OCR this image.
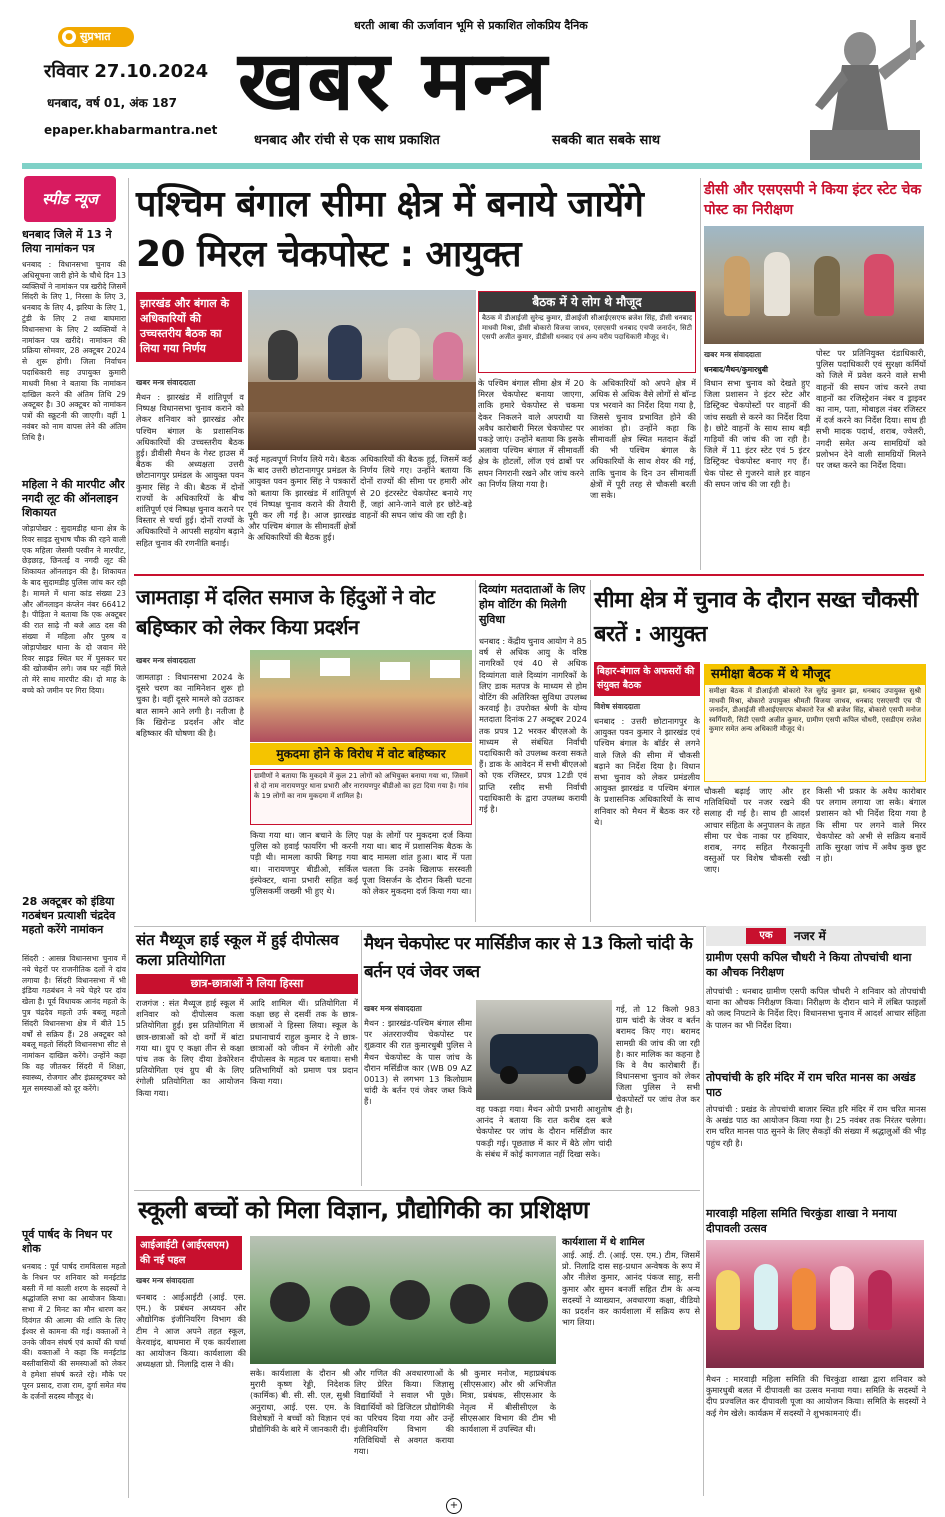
● सुप्रभात
धरती आबा की ऊर्जावान भूमि से प्रकाशित लोकप्रिय दैनिक
रविवार 27.10.2024
धनबाद, वर्ष 01, अंक 187
epaper.khabarmantra.net
खबर मन्त्र
धनबाद और रांची से एक साथ प्रकाशित	सबकी बात सबके साथ
स्पीड न्यूज
धनबाद जिले में 13 ने लिया नामांकन पत्र
धनबाद : विधानसभा चुनाव की अधिसूचना जारी होने के चौथे दिन 13 व्यक्तियों ने नामांकन पत्र खरीदे जिसमें सिंदरी के लिए 1, निरसा के लिए 3, धनबाद के लिए 4, झरिया के लिए 1, टुंडी के लिए 2 तथा बाघमारा विधानसभा के लिए 2 व्यक्तियों ने नामांकन पत्र खरीदे। नामांकन की प्रक्रिया सोमवार, 28 अक्टूबर 2024 से शुरू होगी। जिला निर्वाचन पदाधिकारी सह उपायुक्त कुमारी माधवी मिश्रा ने बताया कि नामांकन दाखिल करने की अंतिम तिथि 29 अक्टूबर है। 30 अक्टूबर को नामांकन पत्रों की स्क्रूटनी की जाएगी। वहीं 1 नवंबर को नाम वापस लेने की अंतिम तिथि है।
महिला ने की मारपीट और नगदी लूट की ऑनलाइन शिकायत
जोड़ापोखर : सुदामडीह थाना क्षेत्र के रिवर साइड सुभाष चौक की रहने वाली एक महिला जेसमी परवीन ने मारपीट, छेड़छाड़, छिनतई व नगदी लूट की शिकायत ऑनलाइन की है। शिकायत के बाद सुदामडीह पुलिस जांच कर रही है। मामले में थाना कांड संख्या 23 और ऑनलाइन कंप्लेन नंबर 66412 है। पीड़िता ने बताया कि एक अक्टूबर की रात साढ़े नौ बजे आठ दस की संख्या में महिला और पुरुष व जोड़ापोखर थाना के दो जवान मेरे रिवर साइड स्थित घर में घुसकर घर की खोजबीन लगे। जब घर नहीं मिले तो मेरे साथ मारपीट की। दो माह के बच्चे को जमीन पर गिरा दिया।
28 अक्टूबर को इंडिया गठबंधन प्रत्याशी चंद्रदेव महतो करेंगे नामांकन
सिंदरी : आसन्न विधानसभा चुनाव में नये चेहरों पर राजनीतिक दलों ने दांव लगाया है। सिंदरी विधानसभा में भी इंडिया गठबंधन ने नये चेहरे पर दांव खेला है। पूर्व विधायक आनंद महतो के पुत्र चंद्रदेव महतो उर्फ बबलू महतो सिंदरी विधानसभा क्षेत्र में बीते 15 वर्षों से सक्रिय हैं। 28 अक्टूबर को बबलू महतो सिंदरी विधानसभा सीट से नामांकन दाखिल करेंगे। उन्होंने कहा कि वह जीतकर सिंदरी में शिक्षा, स्वास्थ्य, रोजगार और इंफ्रास्ट्रक्चर को मूल समस्याओं को दूर करेंगे।
पूर्व पार्षद के निधन पर शोक
धनबाद : पूर्व पार्षद रामविलास महतो के निधन पर शनिवार को मनईटांड बस्ती में मां काली शरण के सदस्यों ने श्रद्धांजलि सभा का आयोजन किया। सभा में 2 मिनट का मौन धारण कर दिवंगत की आत्मा की शांति के लिए ईश्वर से कामना की गई। वक्ताओं ने उनके जीवन संघर्ष एवं कार्यों की चर्चा की। वक्ताओं ने कहा कि मनईटांड बस्तीवासियों की समस्याओं को लेकर वे हमेशा संघर्ष करते रहे। मौके पर पूरन प्रसाद, राजा राम, दुर्गा समेत मंच के दर्जनों सदस्य मौजूद थे।
पश्चिम बंगाल सीमा क्षेत्र में बनाये जायेंगे 20 मिरल चेकपोस्ट : आयुक्त
झारखंड और बंगाल के अधिकारियों की उच्चस्तरीय बैठक का लिया गया निर्णय
बैठक में ये लोग थे मौजूद
बैठक में डीआईजी सुरेन्द्र कुमार, डीआईजी सीआईएसएफ ब्रजेश सिंह, डीसी धनबाद माधवी मिश्रा, डीसी बोकारो विजया जाधव, एसएसपी धनबाद एचपी जनार्दन, सिटी एसपी अजीत कुमार, डीडीसी धनबाद एवं अन्य वरीय पदाधिकारी मौजूद थे।
खबर मन्त्र संवाददाता
मैथन : झारखंड में शांतिपूर्ण व निष्पक्ष विधानसभा चुनाव कराने को लेकर शनिवार को झारखंड और पश्चिम बंगाल के प्रशासनिक अधिकारियों की उच्चस्तरीय बैठक हुई। डीवीसी मैथन के गेस्ट हाउस में बैठक की अध्यक्षता उत्तरी छोटानागपुर प्रमंडल के आयुक्त पवन कुमार सिंह ने की। बैठक में दोनों राज्यों के अधिकारियों के बीच शांतिपूर्ण एवं निष्पक्ष चुनाव कराने पर विस्तार से चर्चा हुई। दोनों राज्यों के अधिकारियों ने आपसी सहयोग बढ़ाने सहित चुनाव की रणनीति बनाई।
कई महत्वपूर्ण निर्णय लिये गये। बैठक के बाद उत्तरी छोटानागपुर प्रमंडल के आयुक्त पवन कुमार सिंह ने पत्रकारों को बताया कि झारखंड में शांतिपूर्ण एवं निष्पक्ष चुनाव कराने की तैयारी पूरी कर ली गई है। आज झारखंड और पश्चिम बंगाल के सीमावर्ती क्षेत्रों के अधिकारियों की बैठक हुई।
अधिकारियों की बैठक हुई, जिसमें कई निर्णय लिये गए। उन्होंने बताया कि दोनों राज्यों की सीमा पर हमारी ओर से 20 इंटरस्टेट चेकपोस्ट बनाये गए हैं, जहां आने-जाने वाले हर छोटे-बड़े वाहनों की सघन जांच की जा रही है।
के पश्चिम बंगाल सीमा क्षेत्र में 20 मिरल चेकपोस्ट बनाया जाएगा, ताकि हमारे चेकपोस्ट से चकमा देकर निकलने वाले अपराधी या अवैध कारोबारी मिरल चेकपोस्ट पर पकड़े जाएं। उन्होंने बताया कि इसके अलावा पश्चिम बंगाल में सीमावर्ती क्षेत्र के होटलों, लॉज एवं ढाबों पर सघन निगरानी रखने और जांच करने का निर्णय लिया गया है।
के अधिकारियों को अपने क्षेत्र में अधिक से अधिक वैसे लोगों से बॉन्ड पत्र भरवाने का निर्देश दिया गया है, जिससे चुनाव प्रभावित होने की आशंका हो। उन्होंने कहा कि सीमावर्ती क्षेत्र स्थित मतदान केंद्रों की भी पश्चिम बंगाल के अधिकारियों के साथ शेयर की गई, ताकि चुनाव के दिन उन सीमावर्ती क्षेत्रों में पूरी तरह से चौकसी बरती जा सके।
डीसी और एसएसपी ने किया इंटर स्टेट चेक पोस्ट का निरीक्षण
खबर मन्त्र संवाददाता
धनबाद/मैथन/कुमारधुबी
विधान सभा चुनाव को देखते हुए जिला प्रशासन ने इंटर स्टेट और डिस्ट्रिक्ट चेकपोस्टों पर वाहनों की जांच सख्ती से करने का निर्देश दिया है। छोटे वाहनों के साथ साथ बड़ी गाड़ियों की जांच की जा रही है। जिले में 11 इंटर स्टेट एवं 5 इंटर डिस्ट्रिक्ट चेकपोस्ट बनाए गए हैं। चेक पोस्ट से गुजरने वाले हर वाहन की सघन जांच की जा रही है।
पोस्ट पर प्रतिनियुक्त दंडाधिकारी, पुलिस पदाधिकारी एवं सुरक्षा कर्मियों को जिले में प्रवेश करने वाले सभी वाहनों की सघन जांच करने तथा वाहनों का रजिस्ट्रेशन नंबर व ड्राइवर का नाम, पता, मोबाइल नंबर रजिस्टर में दर्ज करने का निर्देश दिया। साथ ही सभी मादक पदार्थ, शराब, ज्वेलरी, नगदी समेत अन्य सामग्रियों को प्रलोभन देने वाली सामग्रियों मिलने पर जब्त करने का निर्देश दिया।
जामताड़ा में दलित समाज के हिंदुओं ने वोट बहिष्कार को लेकर किया प्रदर्शन
खबर मन्त्र संवाददाता
जामताड़ा : विधानसभा 2024 के दूसरे चरण का नामिनेशन शुरू हो चुका है। वहीं दूसरे मामले को उठाकर बात सामने आने लगी है। नतीजा है कि खिरोन्ड प्रदर्शन और वोट बहिष्कार की घोषणा की है।
मुकदमा होने के विरोध में वोट बहिष्कार
ग्रामीणों ने बताया कि मुकदमे में कुल 21 लोगों को अभियुक्त बनाया गया था, जिसमें से दो नाम नारायणपुर थाना प्रभारी और नारायणपुर बीडीओ का हटा दिया गया है। गांव के 19 लोगों का नाम मुकदमा में शामिल है।
किया गया था। जान बचाने के लिए पुलिस को हवाई फायरिंग भी करनी पड़ी थी। मामला काफी बिगड़ गया था। नारायणपुर बीडीओ, सर्किल इंस्पेक्टर, थाना प्रभारी सहित कई पुलिसकर्मी जख्मी भी हुए थे।
पक्ष के लोगों पर मुकदमा दर्ज किया गया था। बाद में प्रशासनिक बैठक के बाद मामला शांत हुआ। बाद में पता चलता कि उनके खिलाफ सरस्वती पूजा विसर्जन के दौरान किसी घटना को लेकर मुकदमा दर्ज किया गया था।
दिव्यांग मतदाताओं के लिए होम वोटिंग की मिलेगी सुविधा
धनबाद : केंद्रीय चुनाव आयोग ने 85 वर्ष से अधिक आयु के वरिष्ठ नागरिकों एवं 40 से अधिक दिव्यांगता वाले दिव्यांग नागरिकों के लिए डाक मतपत्र के माध्यम से होम वोटिंग की अतिरिक्त सुविधा उपलब्ध करवाई है। उपरोक्त श्रेणी के योग्य मतदाता दिनांक 27 अक्टूबर 2024 तक प्रपत्र 12 भरकर बीएलओ के माध्यम से संबंधित निर्वाची पदाधिकारी को उपलब्ध करवा सकते हैं। डाक के आवेदन में सभी बीएलओ को एक रजिस्टर, प्रपत्र 12डी एवं प्राप्ति रसीद सभी निर्वाची पदाधिकारी के द्वारा उपलब्ध करायी गई है।
सीमा क्षेत्र में चुनाव के दौरान सख्त चौकसी बरतें : आयुक्त
बिहार-बंगाल के अफसरों की संयुक्त बैठक
समीक्षा बैठक में थे मौजूद
समीक्षा बैठक में डीआईजी बोकारो रेंज सुरेंद्र कुमार झा, धनबाद उपायुक्त सुश्री माधवी मिश्रा, बोकारो उपायुक्त श्रीमती विजया जाधव, धनबाद एसएसपी एच पी जनार्दन, डीआईजी सीआईएसएफ बोकारो रेंज श्री ब्रजेश सिंह, बोकारो एसपी मनोज स्वर्गियारी, सिटी एसपी अजीत कुमार, ग्रामीण एसपी कपिल चौधरी, एसडीएम राजेश कुमार समेत अन्य अधिकारी मौजूद थे।
विशेष संवाददाता
धनबाद : उत्तरी छोटानागपुर के आयुक्त पवन कुमार ने झारखंड एवं पश्चिम बंगाल के बॉर्डर से लगने वाले जिले की सीमा में चौकसी बढ़ाने का निर्देश दिया है। विधान सभा चुनाव को लेकर प्रमंडलीय आयुक्त झारखंड व पश्चिम बंगाल के प्रशासनिक अधिकारियों के साथ शनिवार को मैथन में बैठक कर रहे थे।
चौकसी बढ़ाई जाए और हर गतिविधियों पर नजर रखने की सलाह दी गई है। साथ ही आदर्श आचार संहिता के अनुपालन के तहत सीमा पर चेक नाका पर हथियार, शराब, नगद सहित गैरकानूनी वस्तुओं पर विशेष चौकसी रखी जाए।
किसी भी प्रकार के अवैध कारोबार पर लगाम लगाया जा सके। बंगाल प्रशासन को भी निर्देश दिया गया है कि सीमा पर लगने वाले मिरर चेकपोस्ट को अभी से सक्रिय बनायें ताकि सुरक्षा जांच में अवैध कुछ छूट न हो।
संत मैथ्यूज हाई स्कूल में हुई दीपोत्सव कला प्रतियोगिता
छात्र-छात्राओं ने लिया हिस्सा
राजगंज : संत मैथ्यूज हाई स्कूल में शनिवार को दीपोत्सव कला प्रतियोगिता हुई। इस प्रतियोगिता में छात्र-छात्राओं को दो वर्गों में बांटा गया था। ग्रुप ए कक्षा तीन से कक्षा पांच तक के लिए दीया डेकोरेशन प्रतियोगिता एवं ग्रुप बी के लिए रंगोली प्रतियोगिता का आयोजन किया गया।
आदि शामिल थीं। प्रतियोगिता में कक्षा छह से दसवीं तक के छात्र-छात्राओं ने हिस्सा लिया। स्कूल के प्रधानाचार्य राहुल कुमार दे ने छात्र-छात्राओं को जीवन में रंगोली और दीपोत्सव के महत्व पर बताया। सभी प्रतिभागियों को प्रमाण पत्र प्रदान किया गया।
मैथन चेकपोस्ट पर मार्सिडीज कार से 13 किलो चांदी के बर्तन एवं जेवर जब्त
खबर मन्त्र संवाददाता
मैथन : झारखंड-पश्चिम बंगाल सीमा पर अंतरराज्यीय चेकपोस्ट पर शुक्रवार की रात कुमारधुबी पुलिस ने मैथन चेकपोस्ट के पास जांच के दौरान मर्सिडीज कार (WB 09 AZ 0013) से लगभग 13 किलोग्राम चांदी के बर्तन एवं जेवर जब्त किये हैं।
वह पकड़ा गया। मैथन ओपी प्रभारी आशुतोष आनंद ने बताया कि रात करीब दस बजे चेकपोस्ट पर जांच के दौरान मर्सिडीज कार पकड़ी गई। पूछताछ में कार में बैठे लोग चांदी के संबंध में कोई कागजात नहीं दिखा सके।
गई, तो 12 किलो 983 ग्राम चांदी के जेवर व बर्तन बरामद किए गए। बरामद सामग्री की जांच की जा रही है। कार मालिक का कहना है कि वे वैध कारोबारी हैं। विधानसभा चुनाव को लेकर जिला पुलिस ने सभी चेकपोस्टों पर जांच तेज कर दी है।
एक	नजर में
ग्रामीण एसपी कपिल चौधरी ने किया तोपचांची थाना का औचक निरीक्षण
तोपचांची : धनबाद ग्रामीण एसपी कपिल चौधरी ने शनिवार को तोपचांची थाना का औचक निरीक्षण किया। निरीक्षण के दौरान थाने में लंबित फाइलों को जल्द निपटाने के निर्देश दिए। विधानसभा चुनाव में आदर्श आचार संहिता के पालन का भी निर्देश दिया।
तोपचांची के हरि मंदिर में राम चरित मानस का अखंड पाठ
तोपचांची : प्रखंड के तोपचांची बाजार स्थित हरि मंदिर में राम चरित मानस के अखंड पाठ का आयोजन किया गया है। 25 नवंबर तक निरंतर चलेगा। राम चरित मानस पाठ सुनने के लिए सैकड़ों की संख्या में श्रद्धालुओं की भीड़ पहुंच रही है।
मारवाड़ी महिला समिति चिरकुंडा शाखा ने मनाया दीपावली उत्सव
मैथन : मारवाड़ी महिला समिति की चिरकुंडा शाखा द्वारा शनिवार को कुमारधुबी बलत में दीपावली का उत्सव मनाया गया। समिति के सदस्यों ने दीप प्रज्वलित कर दीपावली पूजा का आयोजन किया। समिति के सदस्यों ने कई गेम खेले। कार्यक्रम में सदस्यों ने शुभकामनाएं दीं।
स्कूली बच्चों को मिला विज्ञान, प्रौद्योगिकी का प्रशिक्षण
आईआईटी (आईएसएम) की नई पहल
खबर मन्त्र संवाददाता
धनबाद : आईआईटी (आई. एस. एम.) के प्रबंधन अध्ययन और औद्योगिक इंजीनियरिंग विभाग की टीम ने आज अपने तहत स्कूल, केरवाइंद, बाघमारा में एक कार्यशाला का आयोजन किया। कार्यशाला की अध्यक्षता प्रो. निलाद्रि दास ने की।
कार्यशाला में थे शामिल
आई. आई. टी. (आई. एस. एम.) टीम, जिसमें प्रो. निलाद्रि दास सह-प्रधान अन्वेषक के रूप में और नीलेश कुमार, आनंद पंकज साहू, सनी कुमार और सुमन बनर्जी सहित टीम के अन्य सदस्यों ने व्याख्यान, अवधारणा कक्षा, वीडियो का प्रदर्शन कर कार्यशाला में सक्रिय रूप से भाग लिया।
सके। कार्यशाला के दौरान श्री मुरारी कृष्ण रेड्डी, निदेशक (कार्मिक) बी. सी. सी. एल, सुश्री अनुराधा, आई. एस. एम. के विशेषज्ञों ने बच्चों को विज्ञान एवं प्रौद्योगिकी के बारे में जानकारी दी।
और गणित की अवधारणाओं के लिए प्रेरित किया। जिज्ञासु विद्यार्थियों ने सवाल भी पूछे। विद्यार्थियों को डिजिटल प्रौद्योगिकी का परिचय दिया गया और उन्हें इंजीनियरिंग विभाग की गतिविधियों से अवगत कराया गया।
श्री कुमार मनोज, महाप्रबंधक (सीएसआर) और श्री अभिजीत मित्रा, प्रबंधक, सीएसआर के नेतृत्व में बीसीसीएल के सीएसआर विभाग की टीम भी कार्यशाला में उपस्थित थी।
+
